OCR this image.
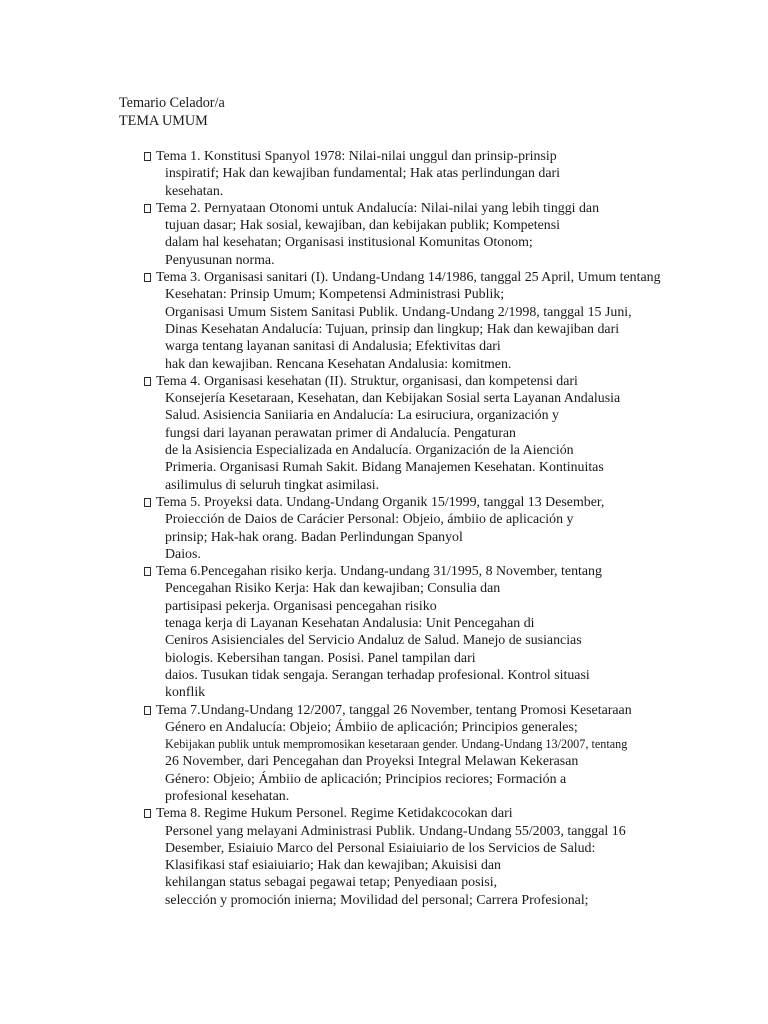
Temario Celador/a
TEMA UMUM
Tema 1. Konstitusi Spanyol 1978: Nilai-nilai unggul dan prinsip-prinsip
inspiratif; Hak dan kewajiban fundamental; Hak atas perlindungan dari
kesehatan.
Tema 2. Pernyataan Otonomi untuk Andalucía: Nilai-nilai yang lebih tinggi dan
tujuan dasar; Hak sosial, kewajiban, dan kebijakan publik; Kompetensi
dalam hal kesehatan; Organisasi institusional Komunitas Otonom;
Penyusunan norma.
Tema 3. Organisasi sanitari (I). Undang-Undang 14/1986, tanggal 25 April, Umum tentang
Kesehatan: Prinsip Umum; Kompetensi Administrasi Publik;
Organisasi Umum Sistem Sanitasi Publik. Undang-Undang 2/1998, tanggal 15 Juni,
Dinas Kesehatan Andalucía: Tujuan, prinsip dan lingkup; Hak dan kewajiban dari
warga tentang layanan sanitasi di Andalusia; Efektivitas dari
hak dan kewajiban. Rencana Kesehatan Andalusia: komitmen.
Tema 4. Organisasi kesehatan (II). Struktur, organisasi, dan kompetensi dari
Konsejería Kesetaraan, Kesehatan, dan Kebijakan Sosial serta Layanan Andalusia
Salud. Asisiencia Saniiaria en Andalucía: La esiruciura, organización y
fungsi dari layanan perawatan primer di Andalucía. Pengaturan
de la Asisiencia Especializada en Andalucía. Organización de la Aiención
Primeria. Organisasi Rumah Sakit. Bidang Manajemen Kesehatan. Kontinuitas
asilimulus di seluruh tingkat asimilasi.
Tema 5. Proyeksi data. Undang-Undang Organik 15/1999, tanggal 13 Desember,
Proiección de Daios de Carácier Personal: Objeio, ámbiio de aplicación y
prinsip; Hak-hak orang. Badan Perlindungan Spanyol
Daios.
Tema 6.Pencegahan risiko kerja. Undang-undang 31/1995, 8 November, tentang
Pencegahan Risiko Kerja: Hak dan kewajiban; Consulia dan
partisipasi pekerja. Organisasi pencegahan risiko
tenaga kerja di Layanan Kesehatan Andalusia: Unit Pencegahan di
Ceniros Asisienciales del Servicio Andaluz de Salud. Manejo de susiancias
biologis. Kebersihan tangan. Posisi. Panel tampilan dari
daios. Tusukan tidak sengaja. Serangan terhadap profesional. Kontrol situasi
konflik
Tema 7.Undang-Undang 12/2007, tanggal 26 November, tentang Promosi Kesetaraan
Género en Andalucía: Objeio; Ámbiio de aplicación; Principios generales;
Kebijakan publik untuk mempromosikan kesetaraan gender. Undang-Undang 13/2007, tentang
26 November, dari Pencegahan dan Proyeksi Integral Melawan Kekerasan
Género: Objeio; Ámbiio de aplicación; Principios reciores; Formación a
profesional kesehatan.
Tema 8. Regime Hukum Personel. Regime Ketidakcocokan dari
Personel yang melayani Administrasi Publik. Undang-Undang 55/2003, tanggal 16
Desember, Esiaiuio Marco del Personal Esiaiuiario de los Servicios de Salud:
Klasifikasi staf esiaiuiario; Hak dan kewajiban; Akuisisi dan
kehilangan status sebagai pegawai tetap; Penyediaan posisi,
selección y promoción inierna; Movilidad del personal; Carrera Profesional;
